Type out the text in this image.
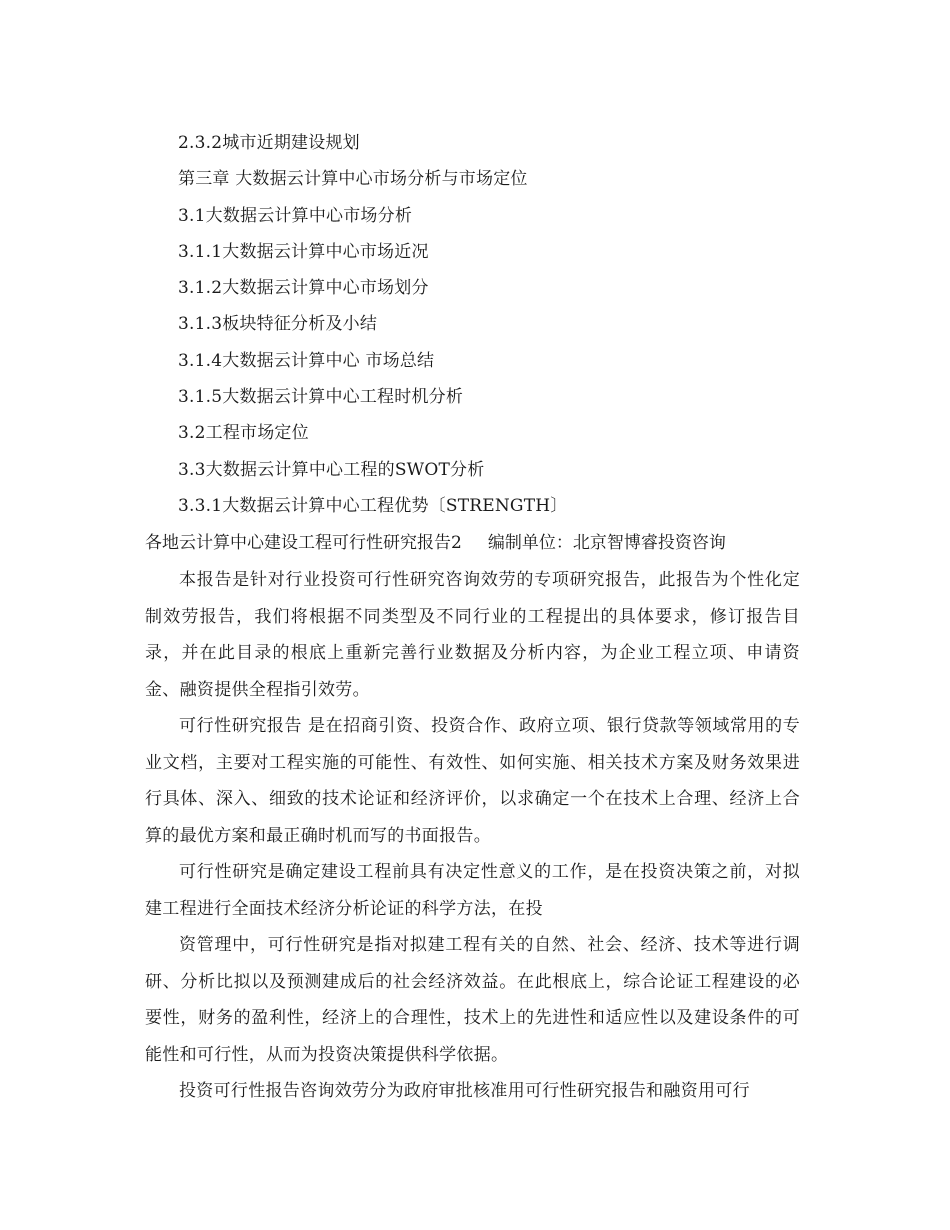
2.3.2城市近期建设规划
第三章 大数据云计算中心市场分析与市场定位
3.1大数据云计算中心市场分析
3.1.1大数据云计算中心市场近况
3.1.2大数据云计算中心市场划分
3.1.3板块特征分析及小结
3.1.4大数据云计算中心 市场总结
3.1.5大数据云计算中心工程时机分析
3.2工程市场定位
3.3大数据云计算中心工程的SWOT分析
3.3.1大数据云计算中心工程优势〔STRENGTH〕
各地云计算中心建设工程可行性研究报告2 编制单位：北京智博睿投资咨询

本报告是针对行业投资可行性研究咨询效劳的专项研究报告，此报告为个性化定制效劳报告，我们将根据不同类型及不同行业的工程提出的具体要求，修订报告目录，并在此目录的根底上重新完善行业数据及分析内容，为企业工程立项、申请资金、融资提供全程指引效劳。

可行性研究报告 是在招商引资、投资合作、政府立项、银行贷款等领域常用的专业文档，主要对工程实施的可能性、有效性、如何实施、相关技术方案及财务效果进行具体、深入、细致的技术论证和经济评价，以求确定一个在技术上合理、经济上合算的最优方案和最正确时机而写的书面报告。

可行性研究是确定建设工程前具有决定性意义的工作，是在投资决策之前，对拟建工程进行全面技术经济分析论证的科学方法，在投

资管理中，可行性研究是指对拟建工程有关的自然、社会、经济、技术等进行调研、分析比拟以及预测建成后的社会经济效益。在此根底上，综合论证工程建设的必要性，财务的盈利性，经济上的合理性，技术上的先进性和适应性以及建设条件的可能性和可行性，从而为投资决策提供科学依据。

投资可行性报告咨询效劳分为政府审批核准用可行性研究报告和融资用可行
